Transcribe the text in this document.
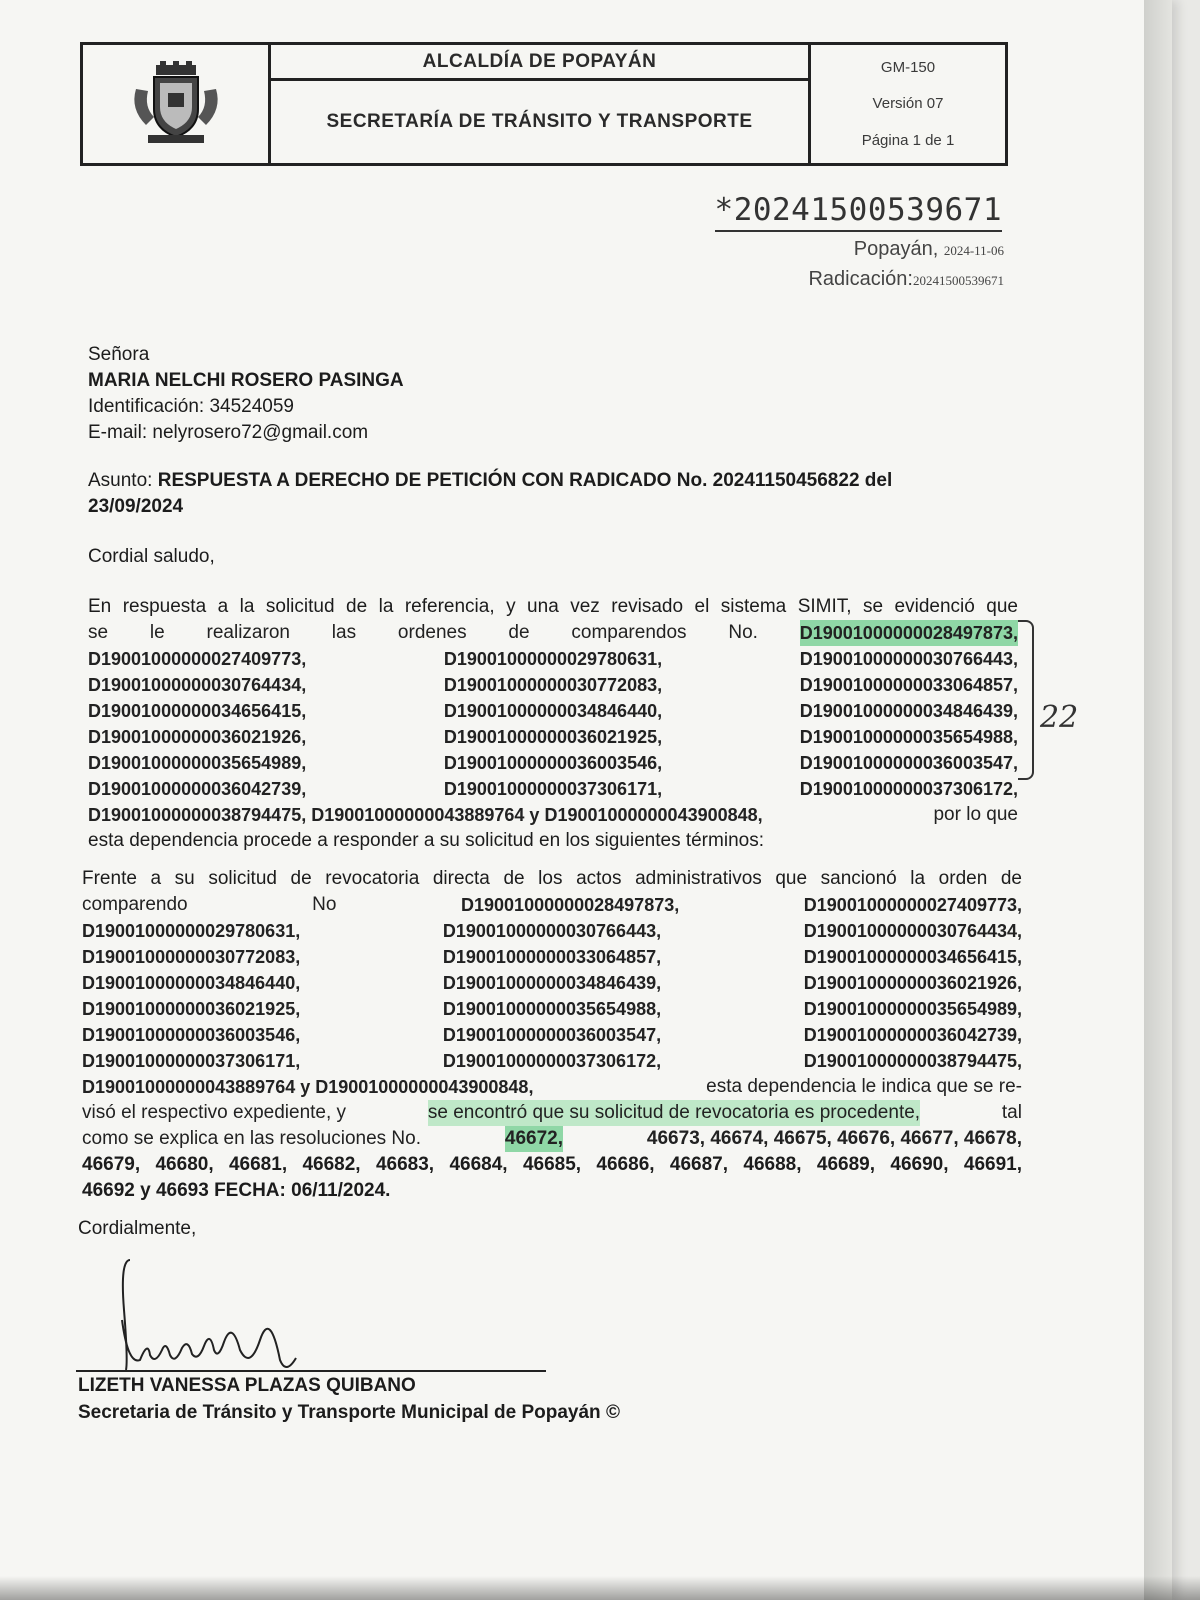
ALCALDÍA DE POPAYÁN
SECRETARÍA DE TRÁNSITO Y TRANSPORTE
GM-150
Versión 07
Página 1 de 1
*20241500539671
Popayán, 2024-11-06
Radicación:20241500539671
Señora
MARIA NELCHI ROSERO PASINGA
Identificación: 34524059
E-mail: nelyrosero72@gmail.com
Asunto: RESPUESTA A DERECHO DE PETICIÓN CON RADICADO No. 20241150456822 del
23/09/2024
Cordial saludo,
En respuesta a la solicitud de la referencia, y una vez revisado el sistema SIMIT, se evidenció que
se le realizaron las ordenes de comparendos No. D19001000000028497873,
D19001000000027409773,	D19001000000029780631,	D19001000000030766443,
D19001000000030764434,	D19001000000030772083,	D19001000000033064857,
D19001000000034656415,	D19001000000034846440,	D19001000000034846439,
D19001000000036021926,	D19001000000036021925,	D19001000000035654988,
D19001000000035654989,	D19001000000036003546,	D19001000000036003547,
D19001000000036042739,	D19001000000037306171,	D19001000000037306172,
D19001000000038794475, D19001000000043889764 y D19001000000043900848,	por lo que
esta dependencia procede a responder a su solicitud en los siguientes términos:
22
Frente a su solicitud de revocatoria directa de los actos administrativos que sancionó la orden de
comparendo	No	D19001000000028497873,	D19001000000027409773,
D19001000000029780631,	D19001000000030766443,	D19001000000030764434,
D19001000000030772083,	D19001000000033064857,	D19001000000034656415,
D19001000000034846440,	D19001000000034846439,	D19001000000036021926,
D19001000000036021925,	D19001000000035654988,	D19001000000035654989,
D19001000000036003546,	D19001000000036003547,	D19001000000036042739,
D19001000000037306171,	D19001000000037306172,	D19001000000038794475,
D19001000000043889764 y D19001000000043900848,	esta dependencia le indica que se re-
visó el respectivo expediente, y	se encontró que su solicitud de revocatoria es procedente,	tal
como se explica en las resoluciones No.	46672,	46673, 46674, 46675, 46676, 46677, 46678,
46679, 46680, 46681, 46682, 46683, 46684, 46685, 46686, 46687, 46688, 46689, 46690, 46691,
46692 y 46693 FECHA: 06/11/2024.
Cordialmente,
LIZETH VANESSA PLAZAS QUIBANO
Secretaria de Tránsito y Transporte Municipal de Popayán ©
